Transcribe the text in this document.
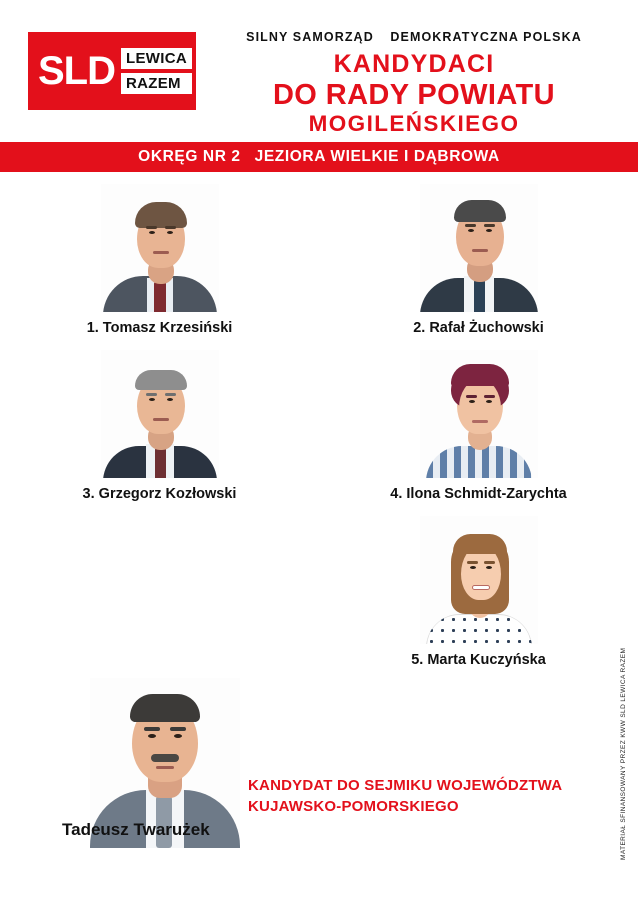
SLD LEWICA
RAZEM
SILNY SAMORZĄD DEMOKRATYCZNA POLSKA
KANDYDACI
DO RADY POWIATU
MOGILEŃSKIEGO
OKRĘG NR 2 JEZIORA WIELKIE I DĄBROWA
1. Tomasz Krzesiński	2. Rafał Żuchowski
3. Grzegorz Kozłowski	4. Ilona Schmidt-Zarychta
5. Marta Kuczyńska
Tadeusz Twarużek
KANDYDAT DO SEJMIKU WOJEWÓDZTWA
KUJAWSKO-POMORSKIEGO	MATERIAŁ SFINANSOWANY PRZEZ KWW SLD LEWICA RAZEM
